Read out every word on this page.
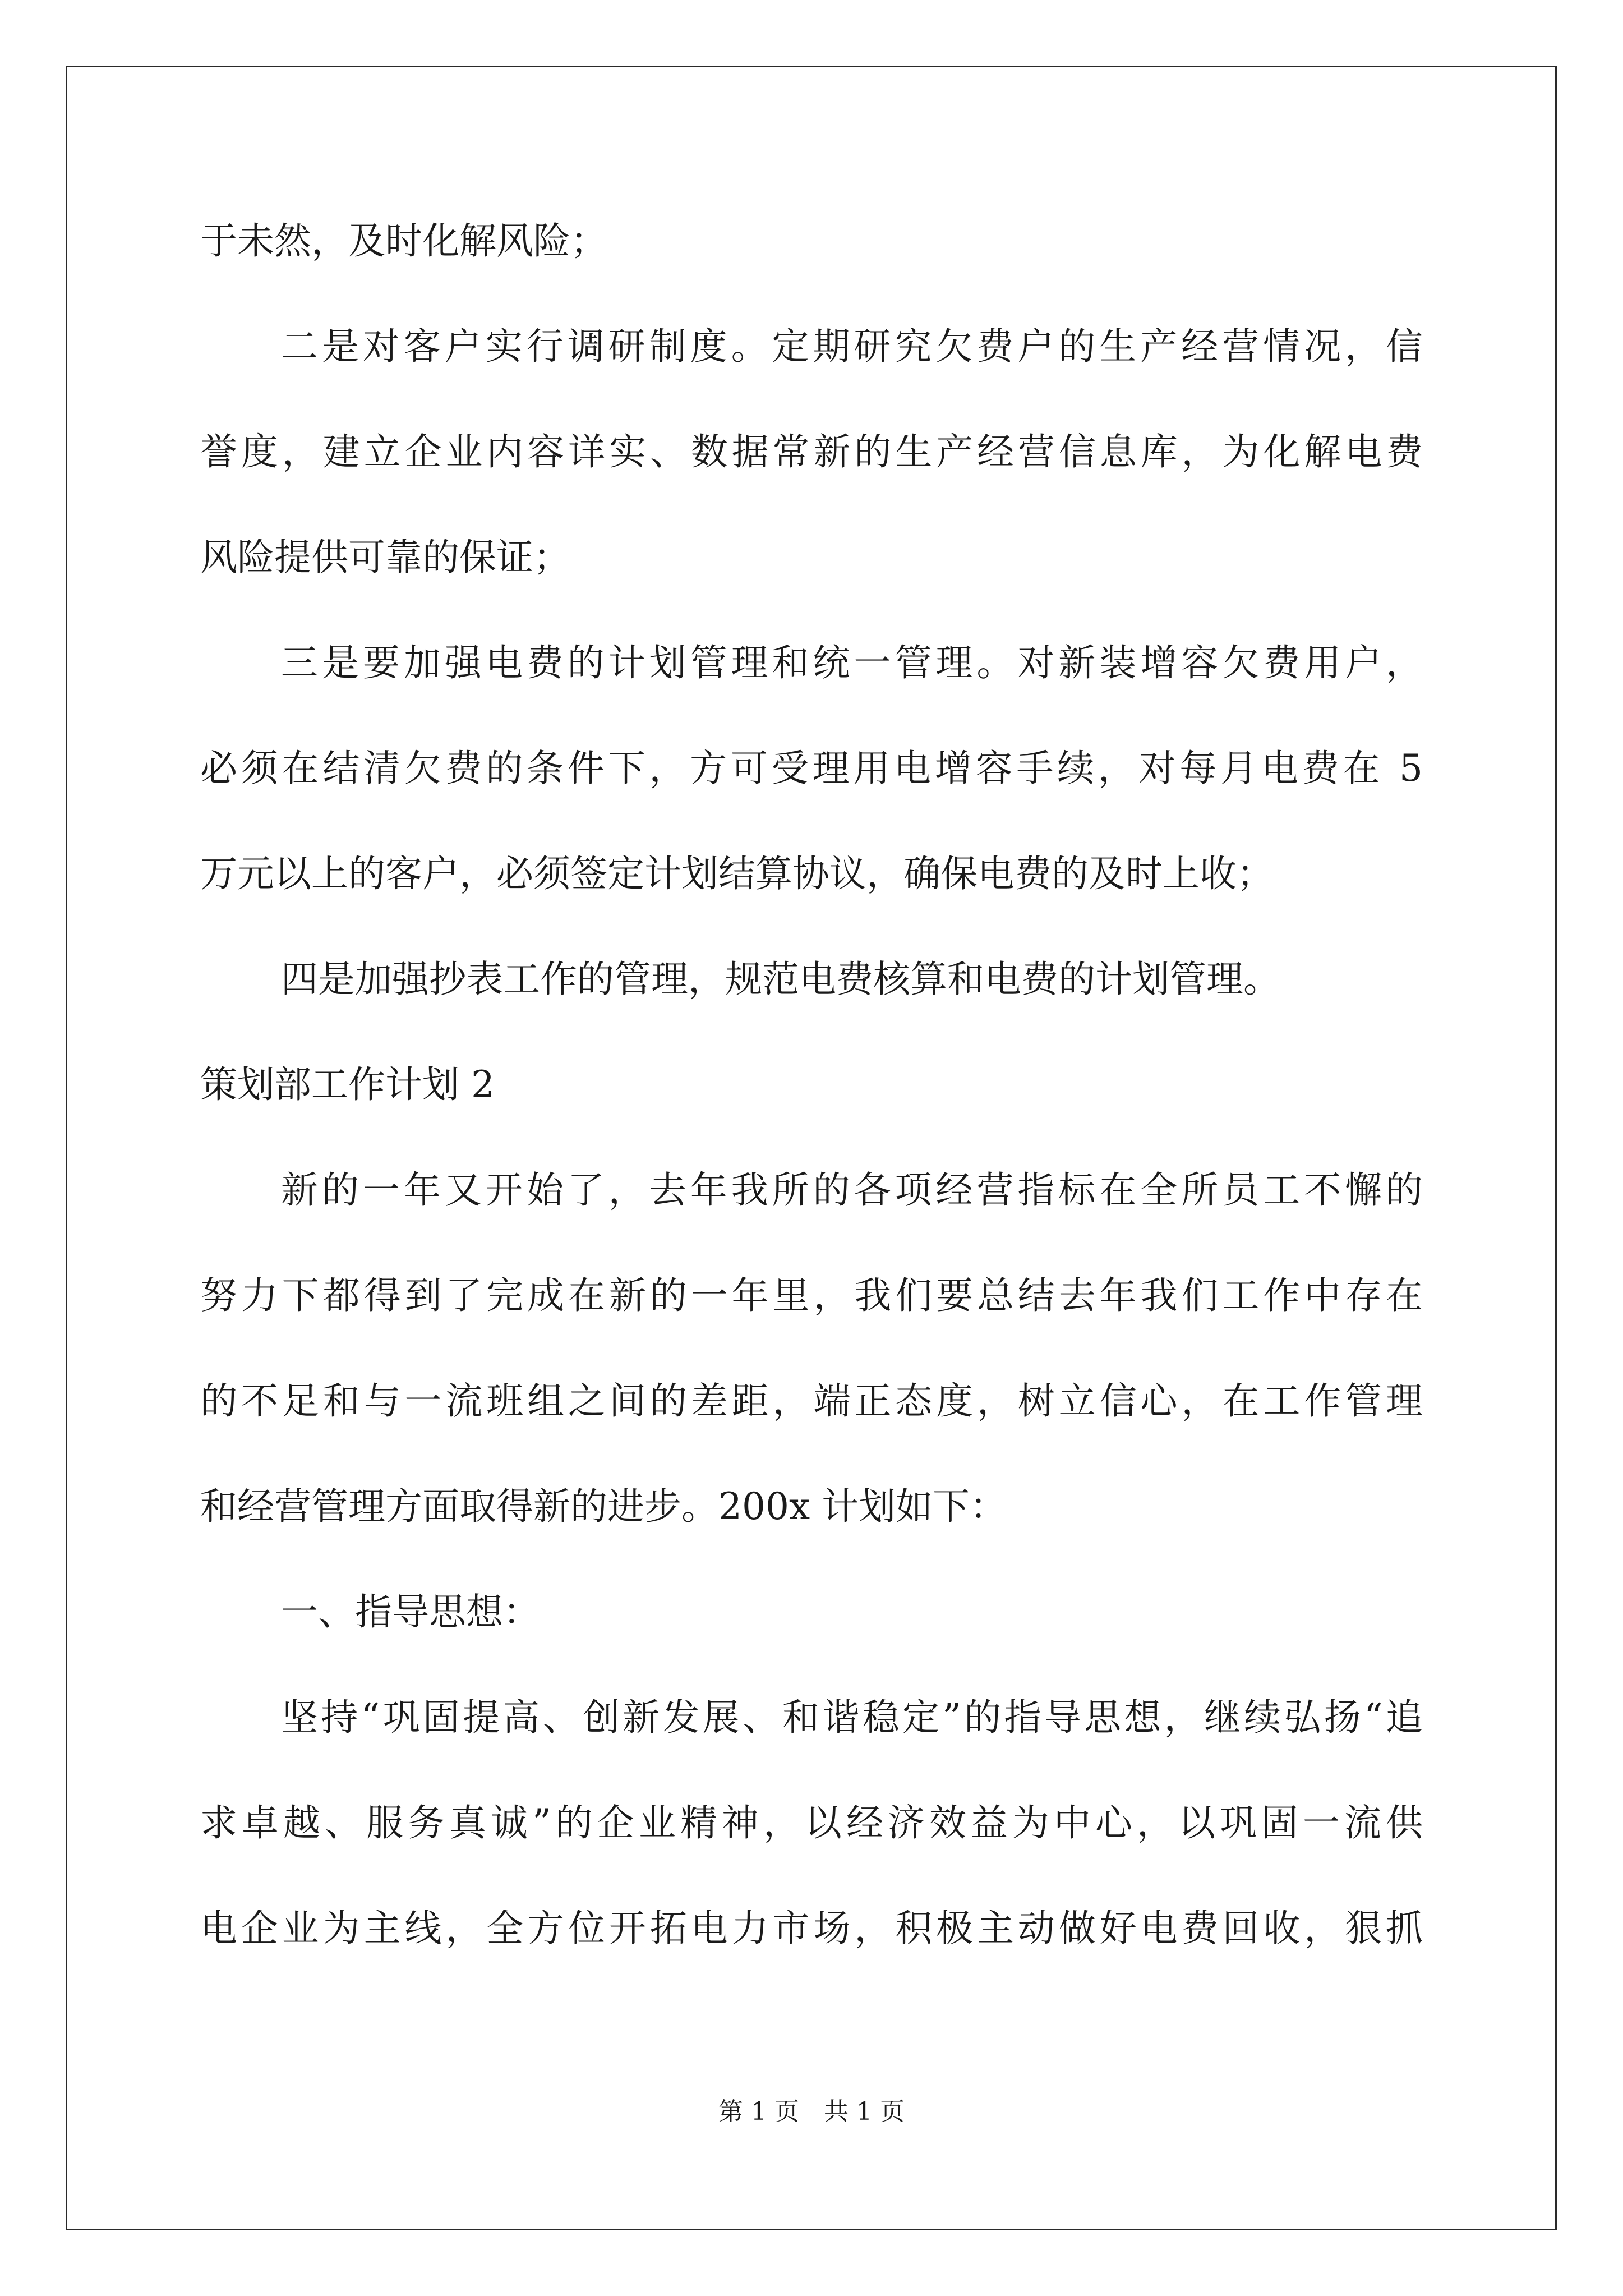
于未然，及时化解风险；
二是对客户实行调研制度。定期研究欠费户的生产经营情况，信
誉度，建立企业内容详实、数据常新的生产经营信息库，为化解电费
风险提供可靠的保证；
三是要加强电费的计划管理和统一管理。对新装增容欠费用户，
必须在结清欠费的条件下，方可受理用电增容手续，对每月电费在 5
万元以上的客户，必须签定计划结算协议，确保电费的及时上收；
四是加强抄表工作的管理，规范电费核算和电费的计划管理。
策划部工作计划 2
新的一年又开始了，去年我所的各项经营指标在全所员工不懈的
努力下都得到了完成在新的一年里，我们要总结去年我们工作中存在
的不足和与一流班组之间的差距，端正态度，树立信心，在工作管理
和经营管理方面取得新的进步。200x 计划如下：
一、指导思想：
坚持“巩固提高、创新发展、和谐稳定”的指导思想，继续弘扬“追
求卓越、服务真诚”的企业精神，以经济效益为中心，以巩固一流供
电企业为主线，全方位开拓电力市场，积极主动做好电费回收，狠抓
第 1 页　共 1 页
